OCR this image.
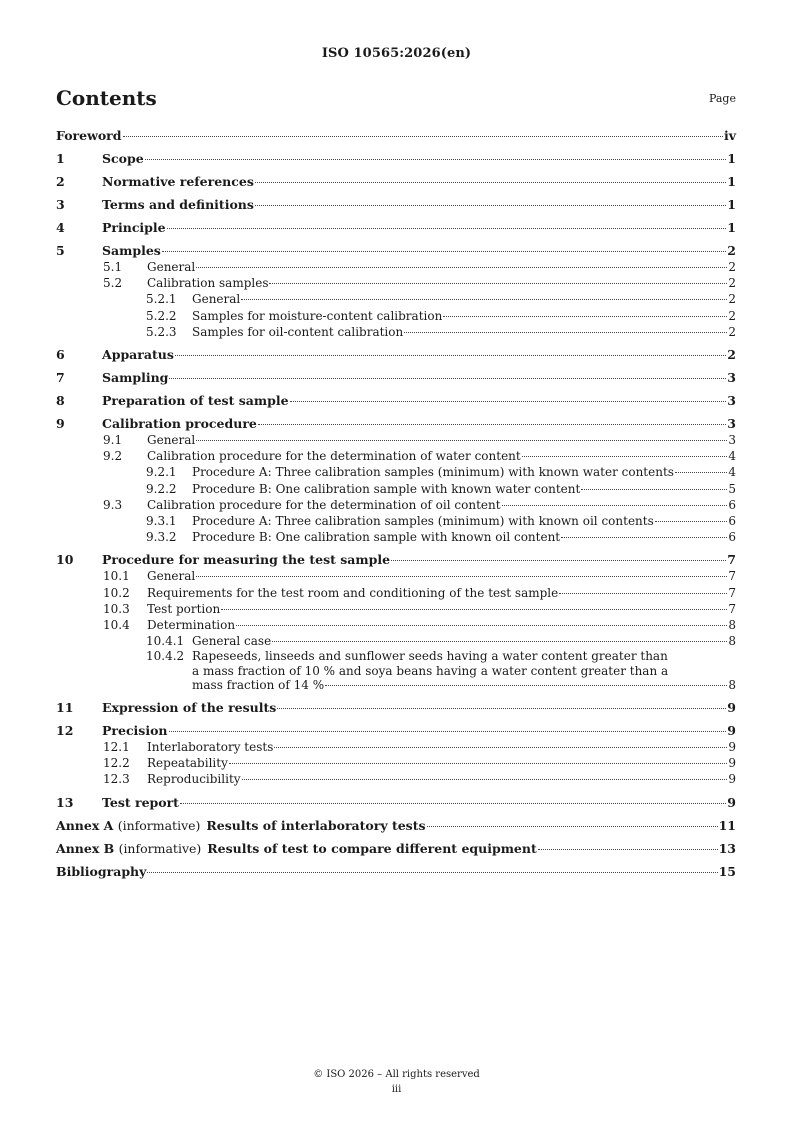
ISO 10565:2026(en)
Contents	Page
Foreword	iv
1	Scope	1
2	Normative references	1
3	Terms and definitions	1
4	Principle	1
5	Samples	2
5.1	General	2
5.2	Calibration samples	2
5.2.1	General	2
5.2.2	Samples for moisture-content calibration	2
5.2.3	Samples for oil-content calibration	2
6	Apparatus	2
7	Sampling	3
8	Preparation of test sample	3
9	Calibration procedure	3
9.1	General	3
9.2	Calibration procedure for the determination of water content	4
9.2.1	Procedure A: Three calibration samples (minimum) with known water contents	4
9.2.2	Procedure B: One calibration sample with known water content	5
9.3	Calibration procedure for the determination of oil content	6
9.3.1	Procedure A: Three calibration samples (minimum) with known oil contents	6
9.3.2	Procedure B: One calibration sample with known oil content	6
10	Procedure for measuring the test sample	7
10.1	General	7
10.2	Requirements for the test room and conditioning of the test sample	7
10.3	Test portion	7
10.4	Determination	8
10.4.1 General case	8
10.4.2 Rapeseeds, linseeds and sunflower seeds having a water content greater than
a mass fraction of 10 % and soya beans having a water content greater than a
mass fraction of 14 %	8
11	Expression of the results	9
12	Precision	9
12.1	Interlaboratory tests	9
12.2	Repeatability	9
12.3	Reproducibility	9
13	Test report	9
Annex A (informative) Results of interlaboratory tests	11
Annex B (informative) Results of test to compare different equipment	13
Bibliography	15
© ISO 2026 – All rights reserved
iii
